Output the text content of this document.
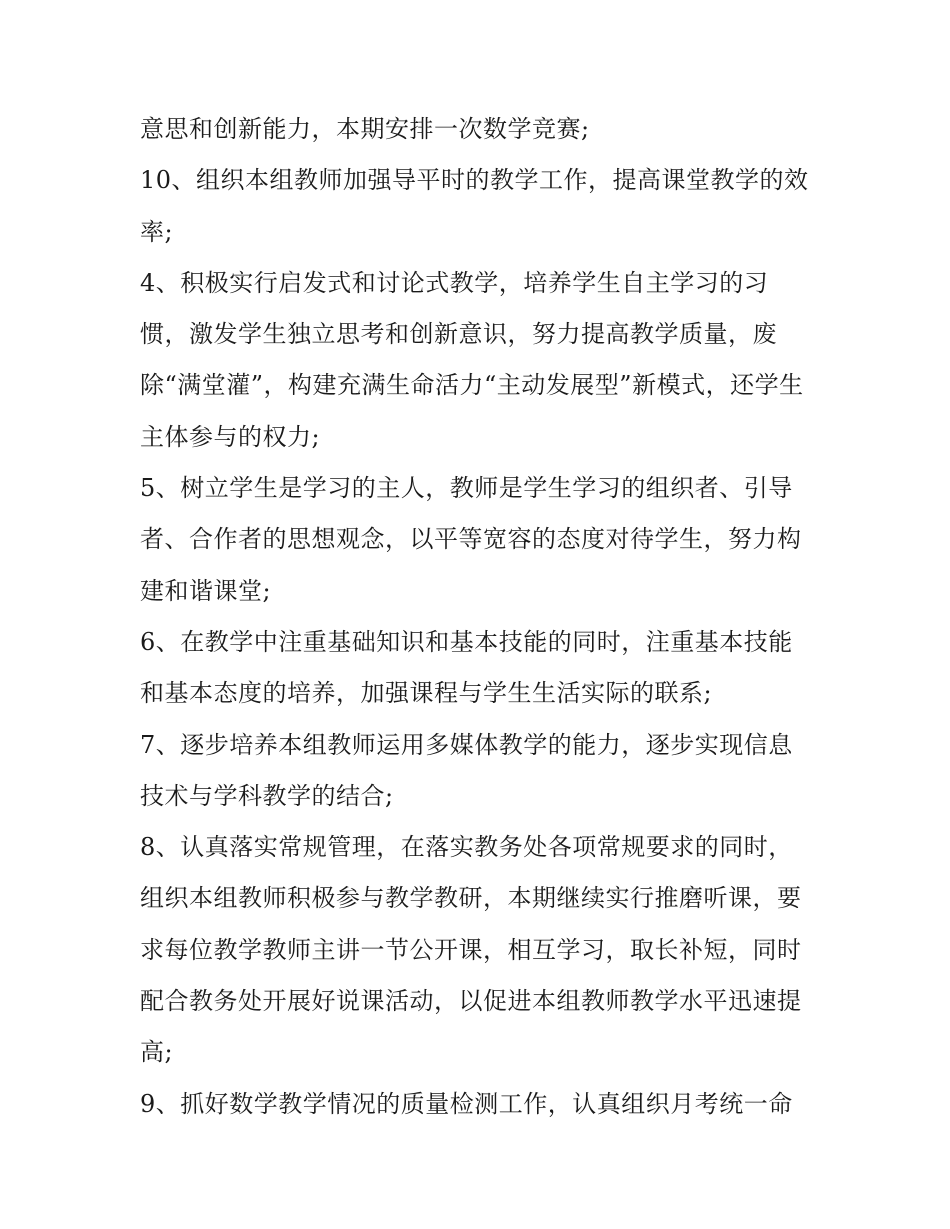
意思和创新能力，本期安排一次数学竞赛;
10、组织本组教师加强导平时的教学工作，提高课堂教学的效
率;
4、积极实行启发式和讨论式教学，培养学生自主学习的习
惯，激发学生独立思考和创新意识，努力提高教学质量，废
除“满堂灌”，构建充满生命活力“主动发展型”新模式，还学生
主体参与的权力;
5、树立学生是学习的主人，教师是学生学习的组织者、引导
者、合作者的思想观念，以平等宽容的态度对待学生，努力构
建和谐课堂;
6、在教学中注重基础知识和基本技能的同时，注重基本技能
和基本态度的培养，加强课程与学生生活实际的联系;
7、逐步培养本组教师运用多媒体教学的能力，逐步实现信息
技术与学科教学的结合;
8、认真落实常规管理，在落实教务处各项常规要求的同时，
组织本组教师积极参与教学教研，本期继续实行推磨听课，要
求每位教学教师主讲一节公开课，相互学习，取长补短，同时
配合教务处开展好说课活动，以促进本组教师教学水平迅速提
高;
9、抓好数学教学情况的质量检测工作，认真组织月考统一命
